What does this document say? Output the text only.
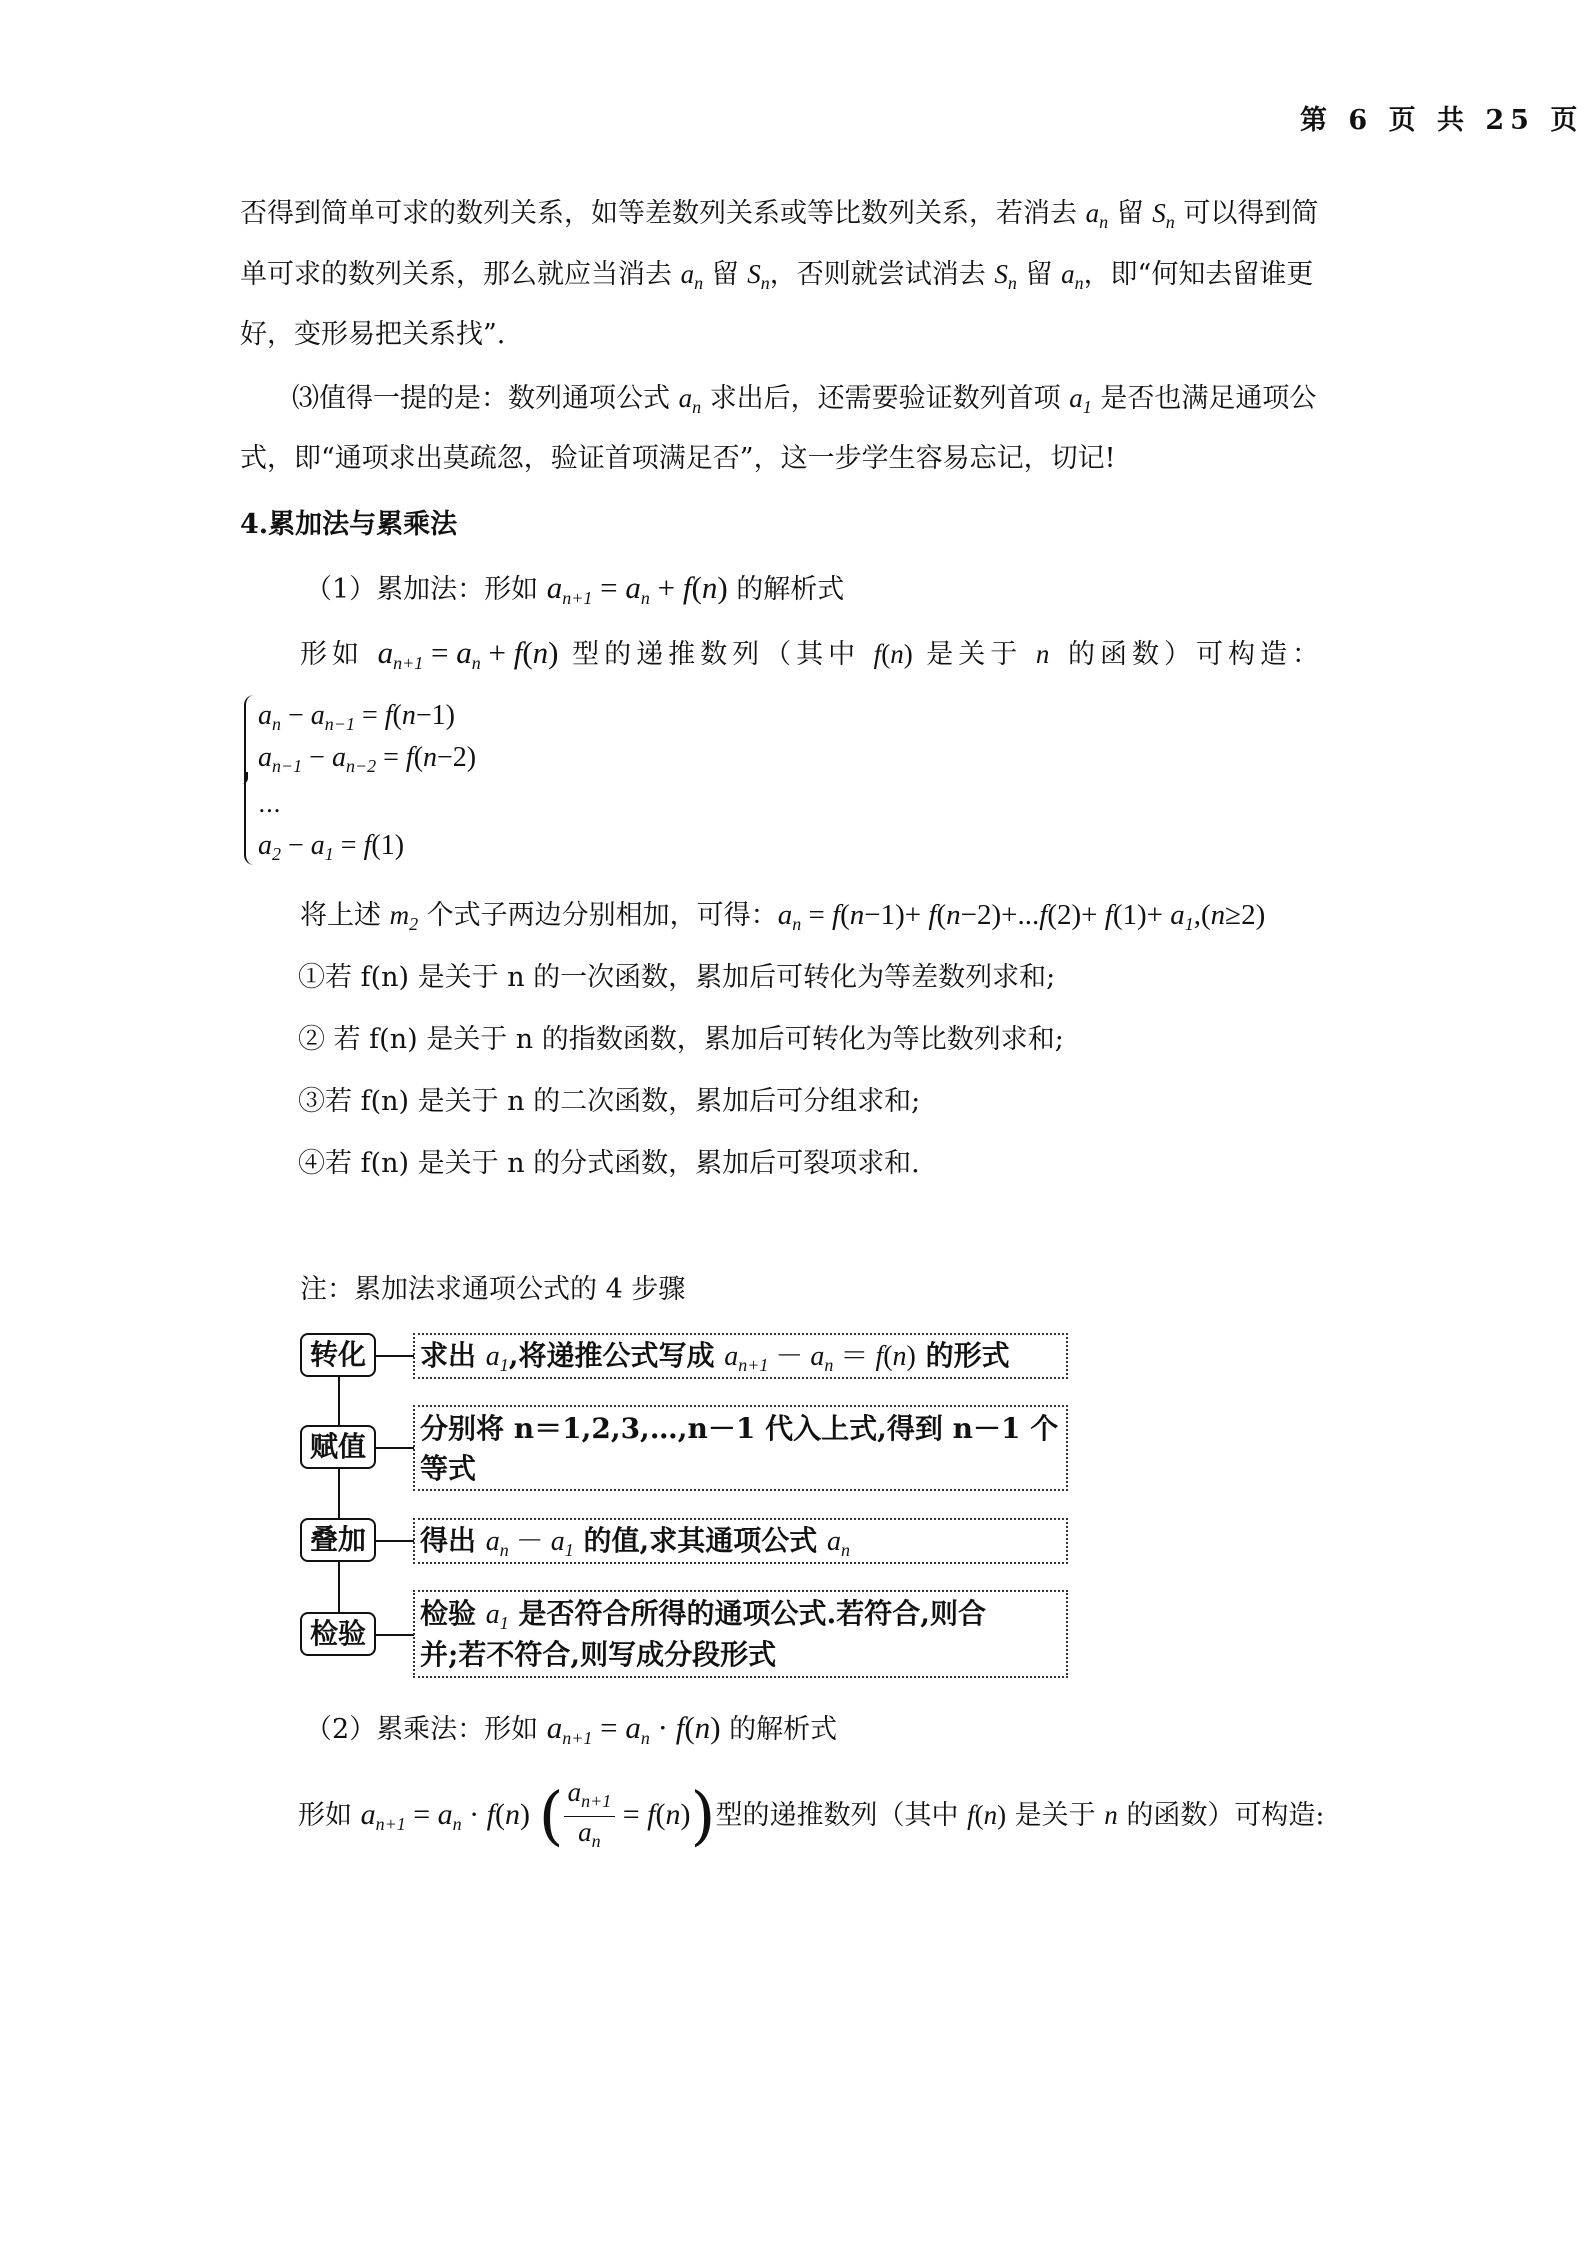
第 6 页 共 25 页
否得到简单可求的数列关系，如等差数列关系或等比数列关系，若消去 $a_n$ 留 $S_n$ 可以得到简
单可求的数列关系，那么就应当消去 $a_n$ 留 $S_n$，否则就尝试消去 $S_n$ 留 $a_n$，即“何知去留谁更
好，变形易把关系找”.
⑶值得一提的是：数列通项公式 $a_n$ 求出后，还需要验证数列首项 $a_1$ 是否也满足通项公
式，即“通项求出莫疏忽，验证首项满足否”，这一步学生容易忘记，切记!
4.累加法与累乘法
（1）累加法：形如 $a_{n+1} = a_n + f(n)$ 的解析式
形如 $a_{n+1} = a_n + f(n)$ 型的递推数列（其中 f(n) 是关于 n 的函数）可构造：
$a_n - a_{n-1} = f(n-1)$
$a_{n-1} - a_{n-2} = f(n-2)$
...
$a_2 - a_1 = f(1)$
将上述 $m_2$ 个式子两边分别相加，可得：$a_n = f(n-1)+ f(n-2)+...f(2)+ f(1)+ a_1,(n\ge 2)$
①若 f(n) 是关于 n 的一次函数，累加后可转化为等差数列求和;
② 若 f(n) 是关于 n 的指数函数，累加后可转化为等比数列求和;
③若 f(n) 是关于 n 的二次函数，累加后可分组求和;
④若 f(n) 是关于 n 的分式函数，累加后可裂项求和.
注：累加法求通项公式的 4 步骤
转化	求出 $a_1$,将递推公式写成 $a_{n+1} - a_n = f(n)$ 的形式
赋值
分别将 n＝1,2,3,…,n－1 代入上式,得到 n－1 个
等式
叠加	得出 $a_n - a_1$ 的值,求其通项公式 $a_n$
检验
检验 $a_1$ 是否符合所得的通项公式.若符合,则合
并;若不符合,则写成分段形式
（2）累乘法：形如 $a_{n+1} = a_n \cdot f(n)$ 的解析式
形如 $a_{n+1} = a_n \cdot f(n)$ ( $\frac{a_{n+1}}{a_n} = f(n)$)型的递推数列（其中 f(n) 是关于 n 的函数）可构造:
